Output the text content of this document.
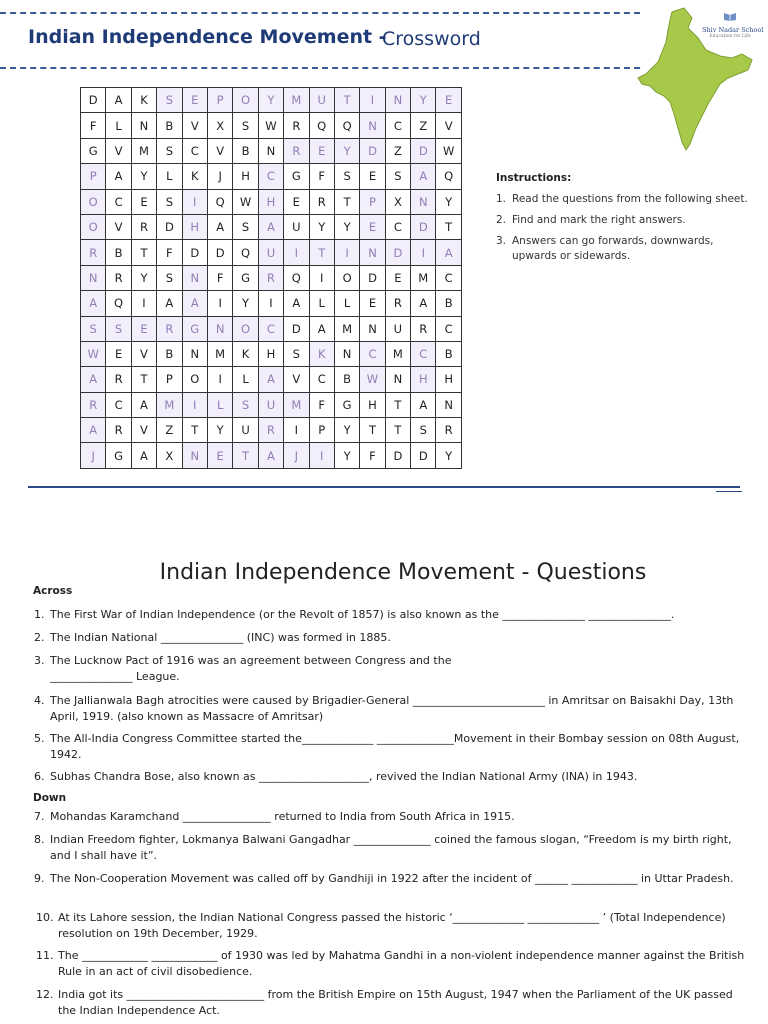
Indian Independence Movement -
Crossword	Shiv Nadar School
Education for Life
D	A	K	S	E	P	O	Y	M	U	T	I	N	Y	E
F	L	N	B	V	X	S	W	R	Q	Q	N	C	Z	V
G	V	M	S	C	V	B	N	R	E	Y	D	Z	D	W
P	A	Y	L	K	J	H	C	G	F	S	E	S	A	Q
O	C	E	S	I	Q	W	H	E	R	T	P	X	N	Y
O	V	R	D	H	A	S	A	U	Y	Y	E	C	D	T
R	B	T	F	D	D	Q	U	I	T	I	N	D	I	A
N	R	Y	S	N	F	G	R	Q	I	O	D	E	M	C
A	Q	I	A	A	I	Y	I	A	L	L	E	R	A	B
S	S	E	R	G	N	O	C	D	A	M	N	U	R	C
W	E	V	B	N	M	K	H	S	K	N	C	M	C	B
A	R	T	P	O	I	L	A	V	C	B	W	N	H	H
R	C	A	M	I	L	S	U	M	F	G	H	T	A	N
A	R	V	Z	T	Y	U	R	I	P	Y	T	T	S	R
J	G	A	X	N	E	T	A	J	I	Y	F	D	D	Y
Instructions:
1. Read the questions from the following sheet.
2. Find and mark the right answers.
3. Answers can go forwards, downwards, upwards or sidewards.
Indian Independence Movement - Questions
Across
1. The First War of Indian Independence (or the Revolt of 1857) is also known as the _______________ _______________.
2. The Indian National _______________ (INC) was formed in 1885.
3. The Lucknow Pact of 1916 was an agreement between Congress and the _______________ League.
4. The Jallianwala Bagh atrocities were caused by Brigadier-General ________________________ in Amritsar on Baisakhi Day, 13th April, 1919. (also known as Massacre of Amritsar)
5. The All-India Congress Committee started the_____________ ______________Movement in their Bombay session on 08th August, 1942.
6. Subhas Chandra Bose, also known as ____________________, revived the Indian National Army (INA) in 1943.
Down
7. Mohandas Karamchand ________________ returned to India from South Africa in 1915.
8. Indian Freedom fighter, Lokmanya Balwani Gangadhar ______________ coined the famous slogan, “Freedom is my birth right, and I shall have it”.
9. The Non-Cooperation Movement was called off by Gandhiji in 1922 after the incident of ______ ____________ in Uttar Pradesh.
10. At its Lahore session, the Indian National Congress passed the historic ‘_____________ _____________ ’ (Total Independence) resolution on 19th December, 1929.
11. The ____________ ____________ of 1930 was led by Mahatma Gandhi in a non-violent independence manner against the British Rule in an act of civil disobedience.
12. India got its _________________________ from the British Empire on 15th August, 1947 when the Parliament of the UK passed the Indian Independence Act.
